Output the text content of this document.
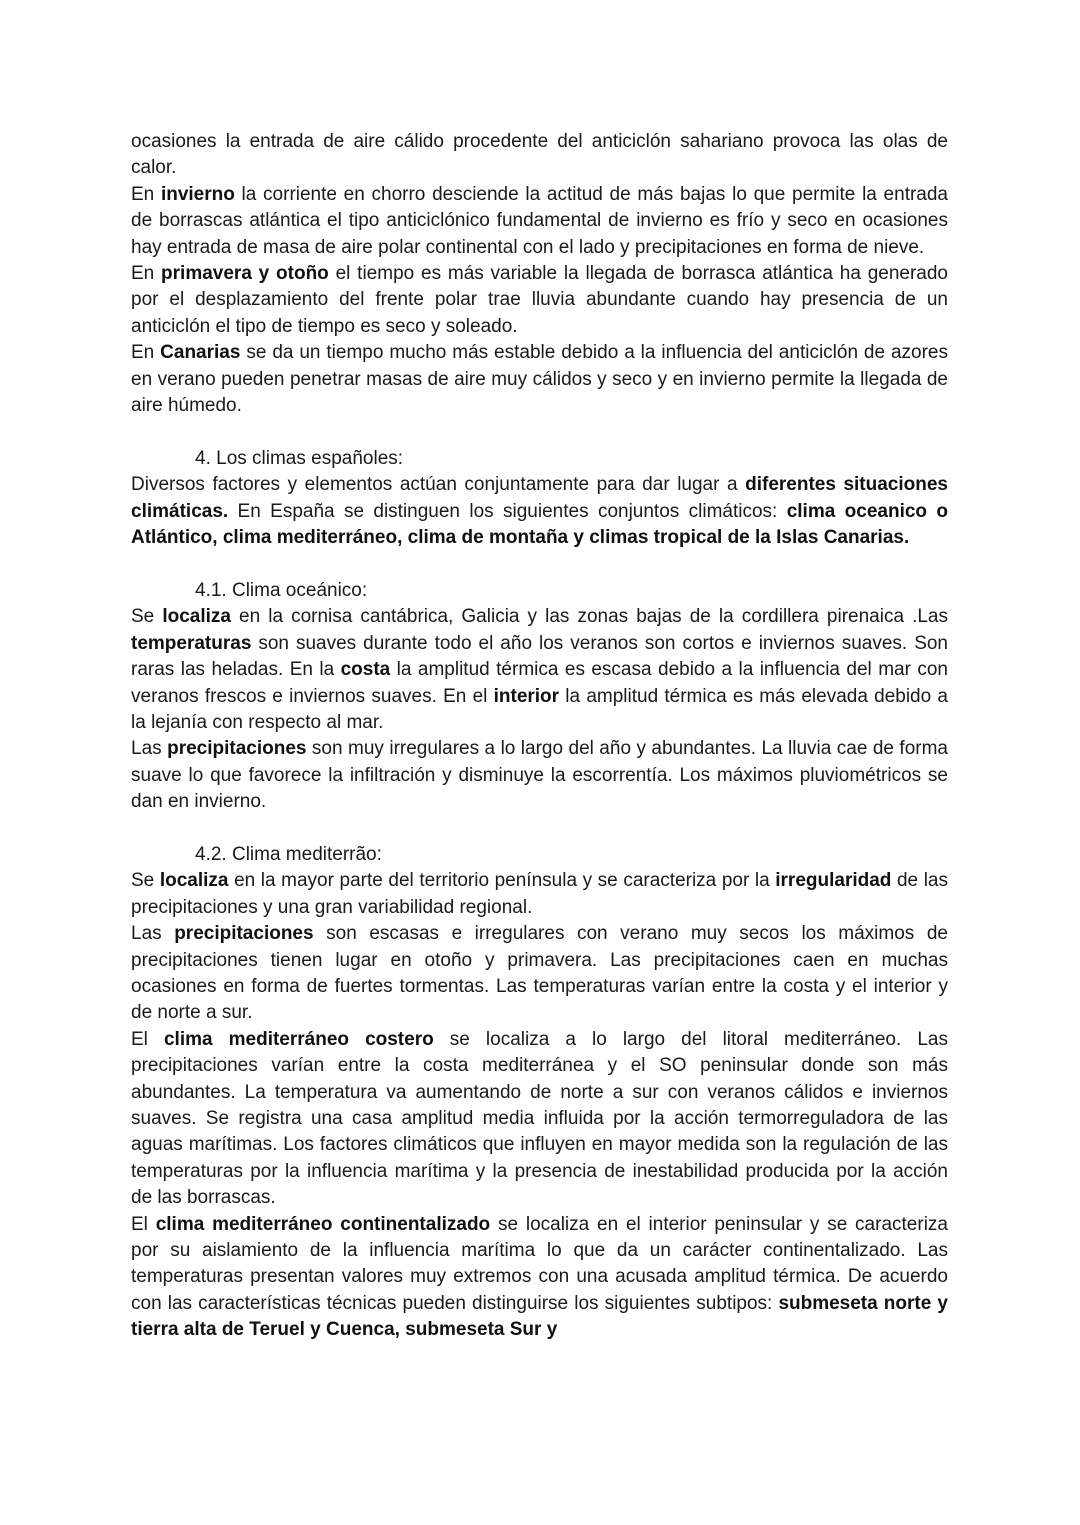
ocasiones la entrada de aire cálido procedente del anticiclón sahariano provoca las olas de calor.

En invierno la corriente en chorro desciende la actitud de más bajas lo que permite la entrada de borrascas atlántica el tipo anticiclónico fundamental de invierno es frío y seco en ocasiones hay entrada de masa de aire polar continental con el lado y precipitaciones en forma de nieve.

En primavera y otoño el tiempo es más variable la llegada de borrasca atlántica ha generado por el desplazamiento del frente polar trae lluvia abundante cuando hay presencia de un anticiclón el tipo de tiempo es seco y soleado.

En Canarias se da un tiempo mucho más estable debido a la influencia del anticiclón de azores en verano pueden penetrar masas de aire muy cálidos y seco y en invierno permite la llegada de aire húmedo.

4. Los climas españoles:

Diversos factores y elementos actúan conjuntamente para dar lugar a diferentes situaciones climáticas. En España se distinguen los siguientes conjuntos climáticos: clima oceanico o Atlántico, clima mediterráneo, clima de montaña y climas tropical de la Islas Canarias.

4.1. Clima oceánico:

Se localiza en la cornisa cantábrica, Galicia y las zonas bajas de la cordillera pirenaica .Las temperaturas son suaves durante todo el año los veranos son cortos e inviernos suaves. Son raras las heladas. En la costa la amplitud térmica es escasa debido a la influencia del mar con veranos frescos e inviernos suaves. En el interior la amplitud térmica es más elevada debido a la lejanía con respecto al mar.

Las precipitaciones son muy irregulares a lo largo del año y abundantes. La lluvia cae de forma suave lo que favorece la infiltración y disminuye la escorrentía. Los máximos pluviométricos se dan en invierno.

4.2. Clima mediterrão:

Se localiza en la mayor parte del territorio península y se caracteriza por la irregularidad de las precipitaciones y una gran variabilidad regional.

Las precipitaciones son escasas e irregulares con verano muy secos los máximos de precipitaciones tienen lugar en otoño y primavera. Las precipitaciones caen en muchas ocasiones en forma de fuertes tormentas. Las temperaturas varían entre la costa y el interior y de norte a sur.

El clima mediterráneo costero se localiza a lo largo del litoral mediterráneo. Las precipitaciones varían entre la costa mediterránea y el SO peninsular donde son más abundantes. La temperatura va aumentando de norte a sur con veranos cálidos e inviernos suaves. Se registra una casa amplitud media influida por la acción termorreguladora de las aguas marítimas. Los factores climáticos que influyen en mayor medida son la regulación de las temperaturas por la influencia marítima y la presencia de inestabilidad producida por la acción de las borrascas.

El clima mediterráneo continentalizado se localiza en el interior peninsular y se caracteriza por su aislamiento de la influencia marítima lo que da un carácter continentalizado. Las temperaturas presentan valores muy extremos con una acusada amplitud térmica. De acuerdo con las características técnicas pueden distinguirse los siguientes subtipos: submeseta norte y tierra alta de Teruel y Cuenca, submeseta Sur y
